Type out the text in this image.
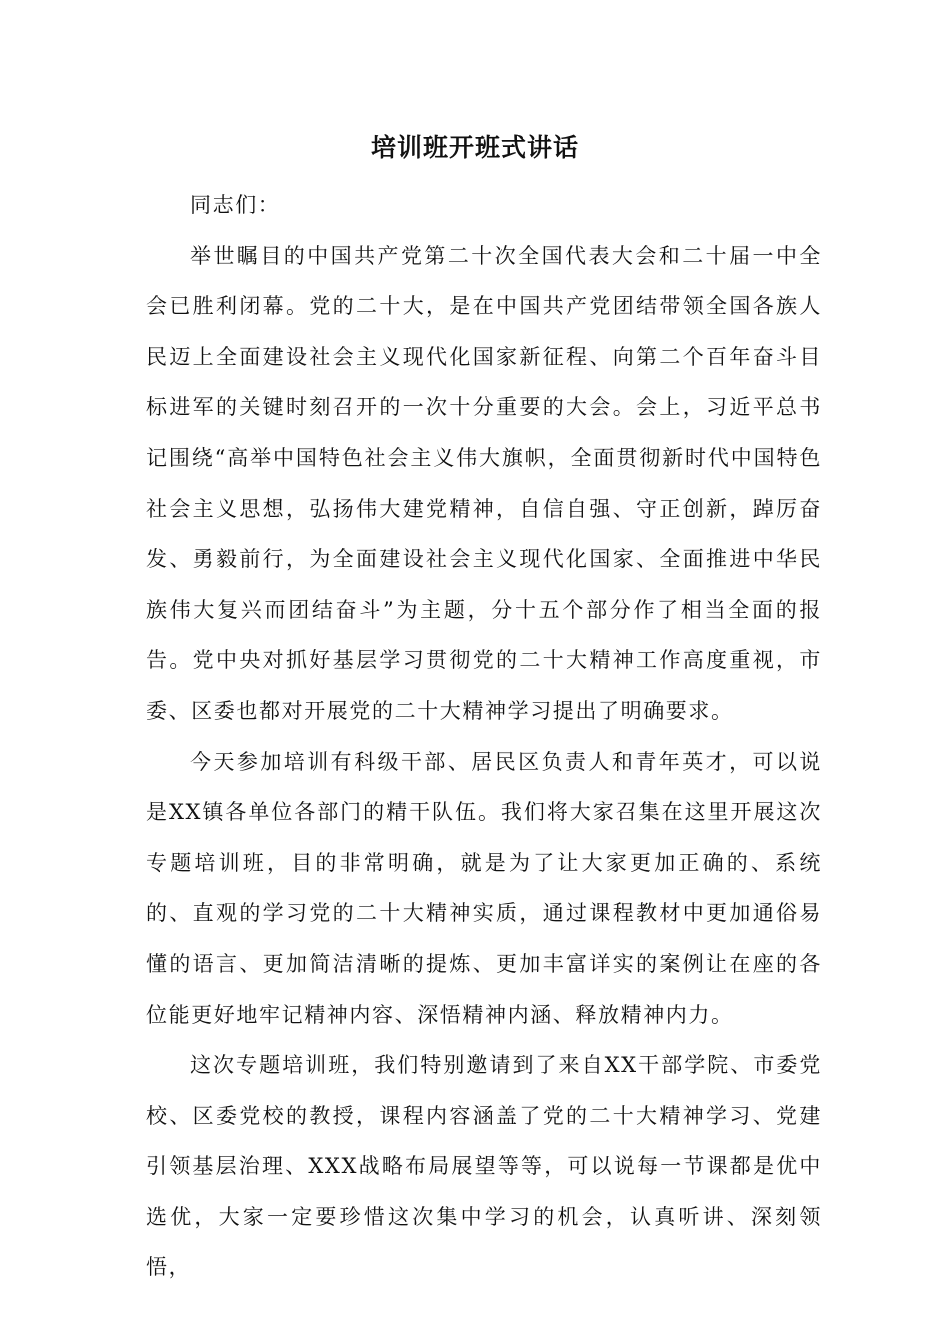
培训班开班式讲话

同志们：

举世瞩目的中国共产党第二十次全国代表大会和二十届一中全会已胜利闭幕。党的二十大，是在中国共产党团结带领全国各族人民迈上全面建设社会主义现代化国家新征程、向第二个百年奋斗目标进军的关键时刻召开的一次十分重要的大会。会上，习近平总书记围绕“高举中国特色社会主义伟大旗帜，全面贯彻新时代中国特色社会主义思想，弘扬伟大建党精神，自信自强、守正创新，踔厉奋发、勇毅前行，为全面建设社会主义现代化国家、全面推进中华民族伟大复兴而团结奋斗”为主题，分十五个部分作了相当全面的报告。党中央对抓好基层学习贯彻党的二十大精神工作高度重视，市委、区委也都对开展党的二十大精神学习提出了明确要求。

今天参加培训有科级干部、居民区负责人和青年英才，可以说是XX镇各单位各部门的精干队伍。我们将大家召集在这里开展这次专题培训班，目的非常明确，就是为了让大家更加正确的、系统的、直观的学习党的二十大精神实质，通过课程教材中更加通俗易懂的语言、更加简洁清晰的提炼、更加丰富详实的案例让在座的各位能更好地牢记精神内容、深悟精神内涵、释放精神内力。

这次专题培训班，我们特别邀请到了来自XX干部学院、市委党校、区委党校的教授，课程内容涵盖了党的二十大精神学习、党建引领基层治理、XXX战略布局展望等等，可以说每一节课都是优中选优，大家一定要珍惜这次集中学习的机会，认真听讲、深刻领悟，
